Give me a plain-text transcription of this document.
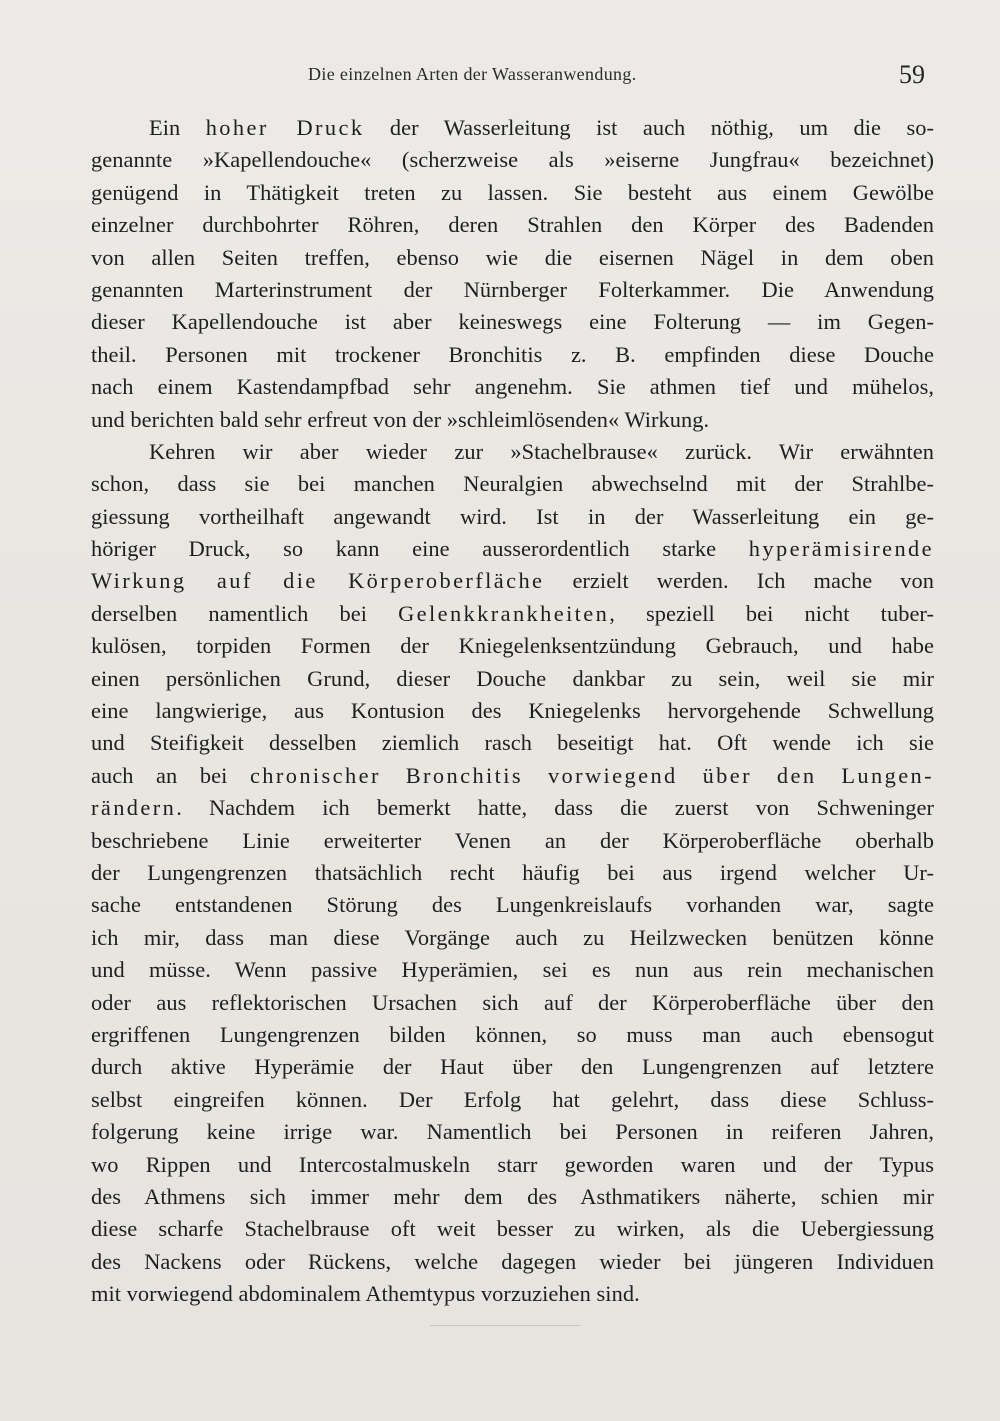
Die einzelnen Arten der Wasseranwendung.	59
Ein hoher Druck der Wasserleitung ist auch nöthig, um die so-
genannte »Kapellendouche« (scherzweise als »eiserne Jungfrau« bezeichnet)
genügend in Thätigkeit treten zu lassen. Sie besteht aus einem Gewölbe
einzelner durchbohrter Röhren, deren Strahlen den Körper des Badenden
von allen Seiten treffen, ebenso wie die eisernen Nägel in dem oben
genannten Marterinstrument der Nürnberger Folterkammer. Die Anwendung
dieser Kapellendouche ist aber keineswegs eine Folterung — im Gegen-
theil. Personen mit trockener Bronchitis z. B. empfinden diese Douche
nach einem Kastendampfbad sehr angenehm. Sie athmen tief und mühelos,
und berichten bald sehr erfreut von der »schleimlösenden« Wirkung.
Kehren wir aber wieder zur »Stachelbrause« zurück. Wir erwähnten
schon, dass sie bei manchen Neuralgien abwechselnd mit der Strahlbe-
giessung vortheilhaft angewandt wird. Ist in der Wasserleitung ein ge-
höriger Druck, so kann eine ausserordentlich starke hyperämisirende
Wirkung auf die Körperoberfläche erzielt werden. Ich mache von
derselben namentlich bei Gelenkkrankheiten, speziell bei nicht tuber-
kulösen, torpiden Formen der Kniegelenksentzündung Gebrauch, und habe
einen persönlichen Grund, dieser Douche dankbar zu sein, weil sie mir
eine langwierige, aus Kontusion des Kniegelenks hervorgehende Schwellung
und Steifigkeit desselben ziemlich rasch beseitigt hat. Oft wende ich sie
auch an bei chronischer Bronchitis vorwiegend über den Lungen-
rändern. Nachdem ich bemerkt hatte, dass die zuerst von Schweninger
beschriebene Linie erweiterter Venen an der Körperoberfläche oberhalb
der Lungengrenzen thatsächlich recht häufig bei aus irgend welcher Ur-
sache entstandenen Störung des Lungenkreislaufs vorhanden war, sagte
ich mir, dass man diese Vorgänge auch zu Heilzwecken benützen könne
und müsse. Wenn passive Hyperämien, sei es nun aus rein mechanischen
oder aus reflektorischen Ursachen sich auf der Körperoberfläche über den
ergriffenen Lungengrenzen bilden können, so muss man auch ebensogut
durch aktive Hyperämie der Haut über den Lungengrenzen auf letztere
selbst eingreifen können. Der Erfolg hat gelehrt, dass diese Schluss-
folgerung keine irrige war. Namentlich bei Personen in reiferen Jahren,
wo Rippen und Intercostalmuskeln starr geworden waren und der Typus
des Athmens sich immer mehr dem des Asthmatikers näherte, schien mir
diese scharfe Stachelbrause oft weit besser zu wirken, als die Uebergiessung
des Nackens oder Rückens, welche dagegen wieder bei jüngeren Individuen
mit vorwiegend abdominalem Athemtypus vorzuziehen sind.
